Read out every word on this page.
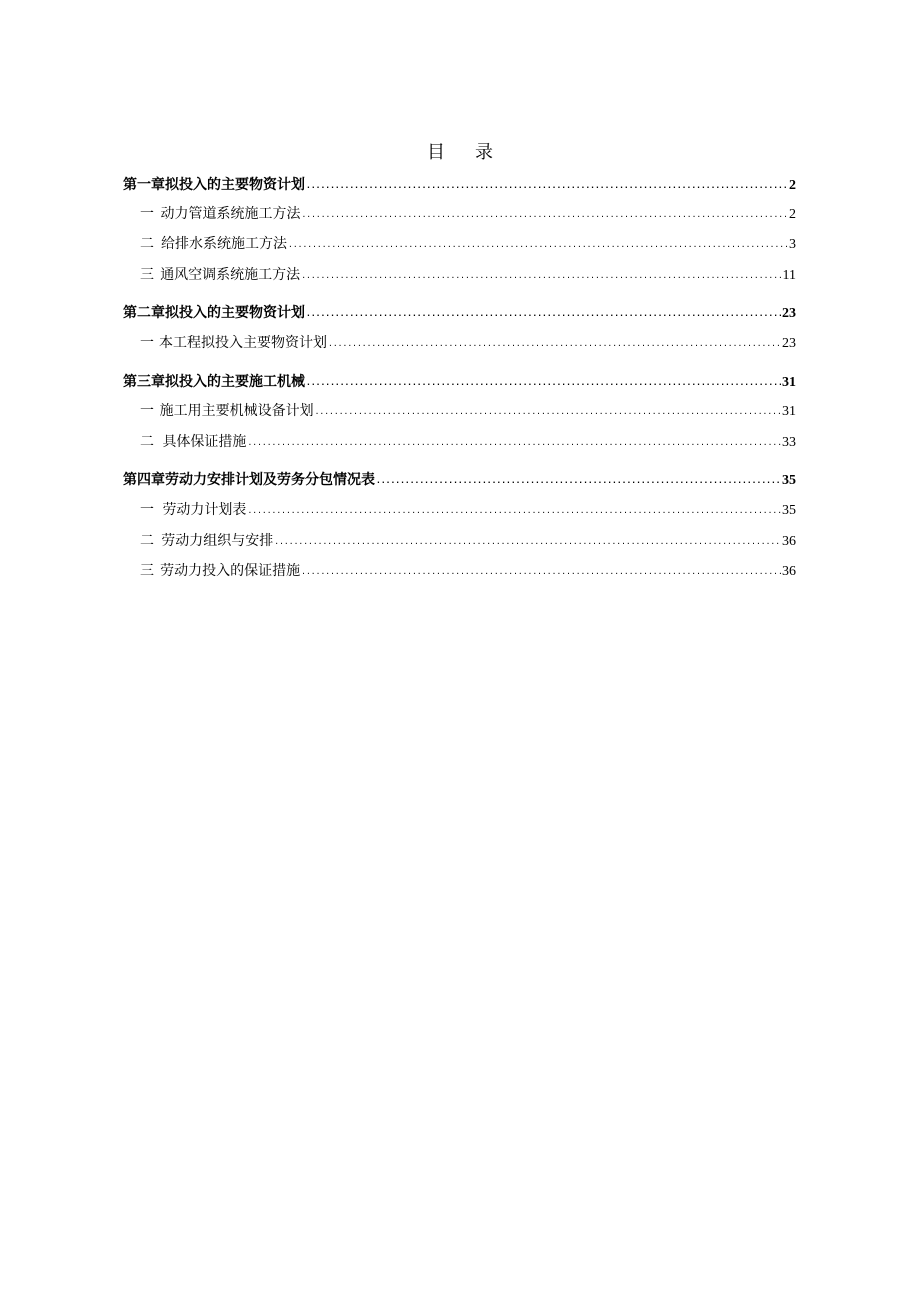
目 录
第一章 拟投入的主要物资计划 .....	2
一 动力管道系统施工方法 .....	2
二 给排水系统施工方法 .....	3
三 通风空调系统施工方法 .....	11
第二章 拟投入的主要物资计划 .....	23
一 本工程拟投入主要物资计划 .....	23
第三章 拟投入的主要施工机械 .....	31
一 施工用主要机械设备计划 .....	31
二 具体保证措施 .....	33
第四章 劳动力安排计划及劳务分包情况表 .....	35
一 劳动力计划表 .....	35
二 劳动力组织与安排 .....	36
三 劳动力投入的保证措施 .....	36
